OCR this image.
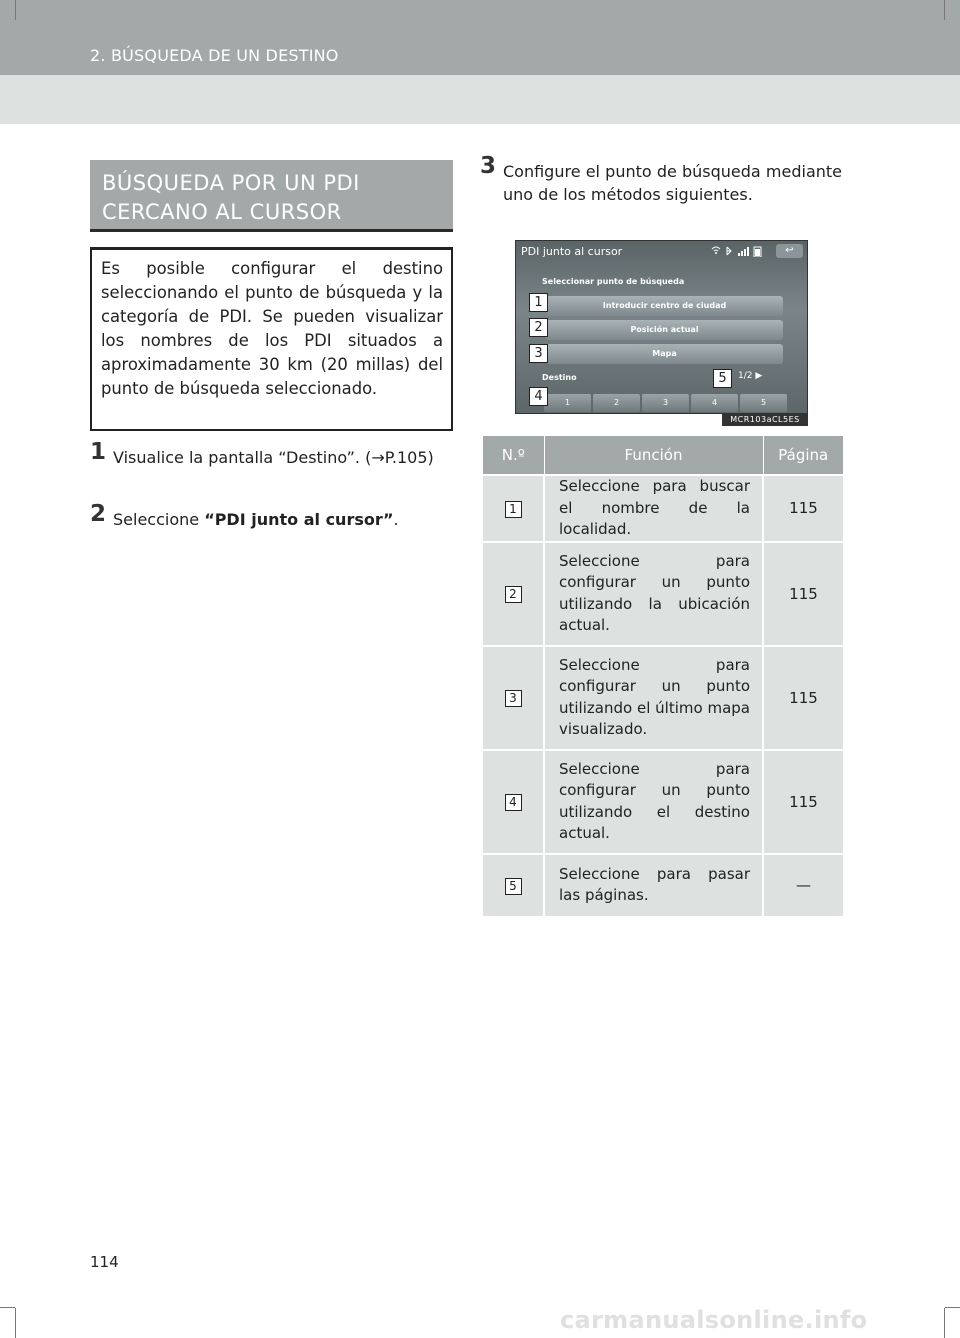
2. BÚSQUEDA DE UN DESTINO
BÚSQUEDA POR UN PDI CERCANO AL CURSOR
Es posible configurar el destino seleccionando el punto de búsqueda y la categoría de PDI. Se pueden visualizar los nombres de los PDI situados a aproximadamente 30 km (20 millas) del punto de búsqueda seleccionado.
1 Visualice la pantalla “Destino”. (→P.105)
2 Seleccione “PDI junto al cursor”.
3 Configure el punto de búsqueda mediante uno de los métodos siguientes.
PDI junto al cursor	↩
Seleccionar punto de búsqueda
Introducir centro de ciudad
Posición actual
Mapa
Destino	1/2 ▶
1	2	3	4	5
1
2
3
4
5
MCR103aCL5ES
N.º	Función	Página
1	Seleccione para buscar el nombre de la localidad.	115
2	Seleccione para configurar un punto utilizando la ubicación actual.	115
3	Seleccione para configurar un punto utilizando el último mapa visualizado.	115
4	Seleccione para configurar un punto utilizando el destino actual.	115
5	Seleccione para pasar las páginas.	—
114
carmanualsonline.info
